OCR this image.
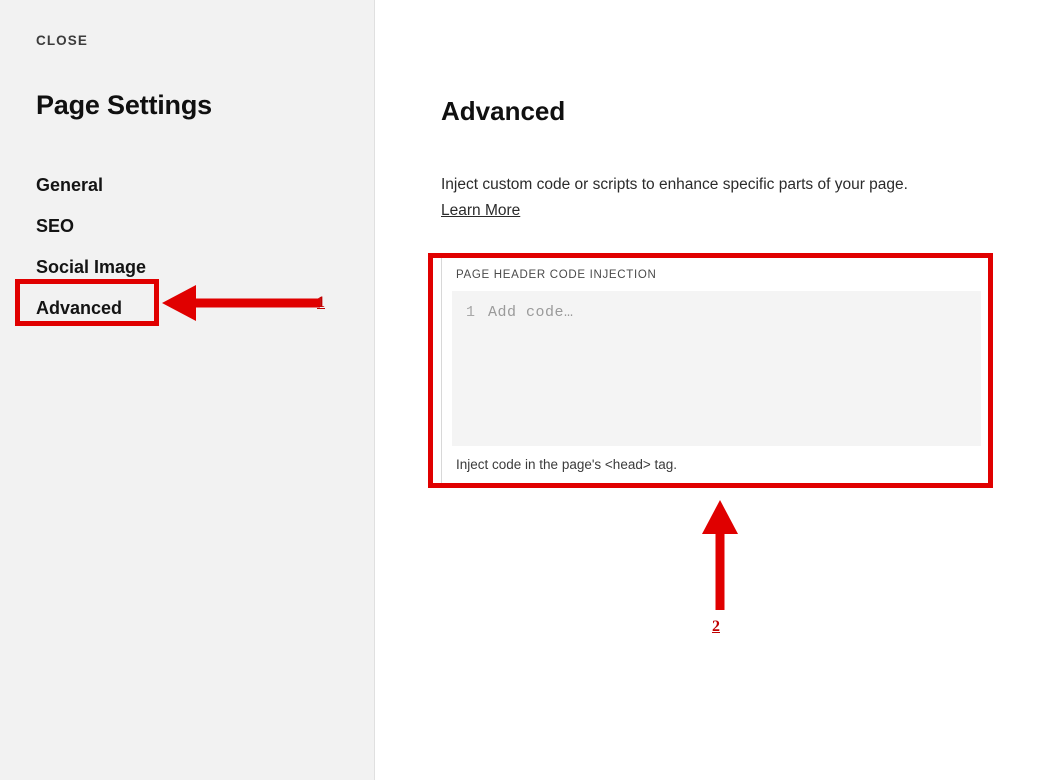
CLOSE
Page Settings
General
SEO
Social Image
Advanced
Advanced
Inject custom code or scripts to enhance specific parts of your page. Learn More
PAGE HEADER CODE INJECTION
1 Add code…
Inject code in the page's <head> tag.
1
2
